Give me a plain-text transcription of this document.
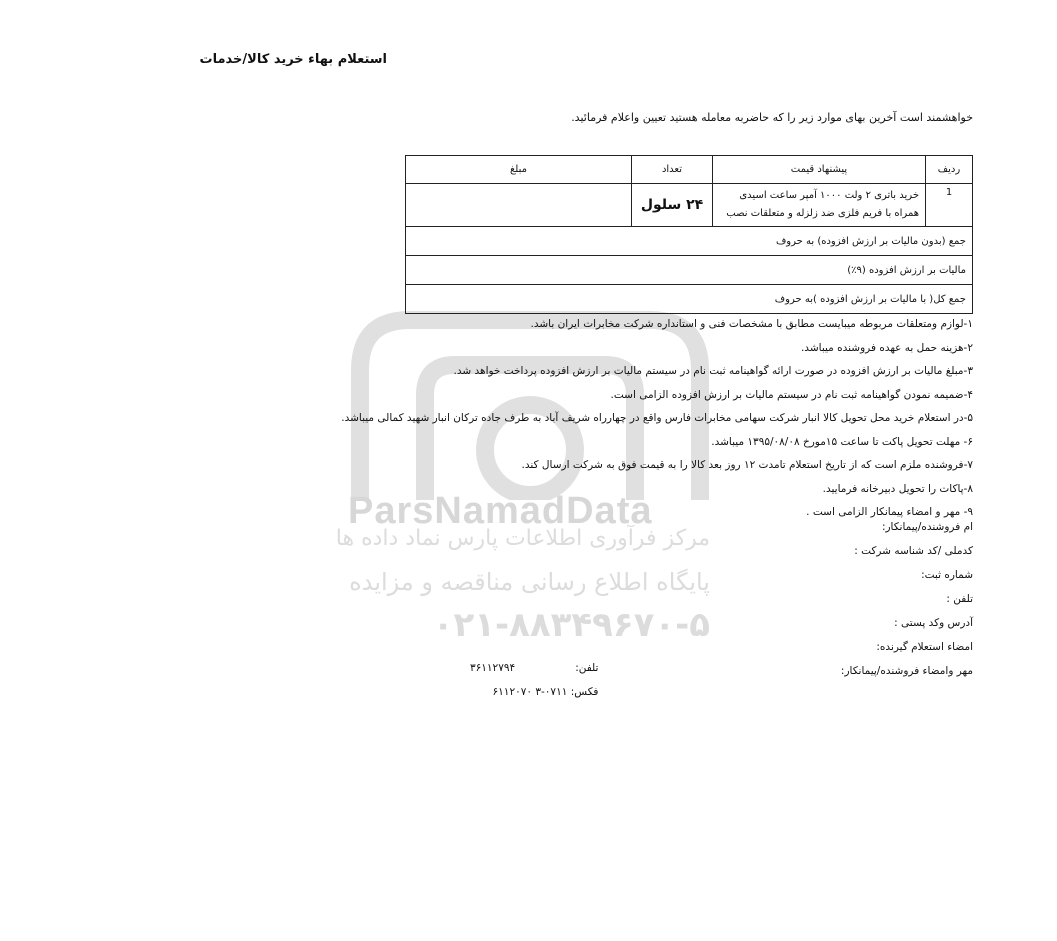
ParsNamadData
مرکز فرآوری اطلاعات پارس نماد داده ها
پایگاه اطلاع رسانی مناقصه و مزایده
۰۲۱-۸۸۳۴۹۶۷۰-۵
استعلام بهاء خرید کالا/خدمات
خواهشمند است آخرین بهای موارد زیر را که حاضربه معامله هستید تعیین واعلام فرمائید.
ردیف	پیشنهاد قیمت	تعداد	مبلغ
1	خرید باتری ۲ ولت ۱۰۰۰ آمپر ساعت اسیدی
همراه با فریم فلزی ضد زلزله و متعلقات نصب	۲۴ سلول	
جمع (بدون مالیات بر ارزش افزوده) به حروف			
مالیات بر ارزش افزوده (۹٪)			
جمع کل( با مالیات بر ارزش افزوده )به حروف			
۱-لوازم ومتعلقات مربوطه میبایست مطابق با مشخصات فنی و استانداره شرکت مخابرات ایران باشد.
۲-هزینه حمل به عهده فروشنده میباشد.
۳-مبلغ مالیات بر ارزش افزوده در صورت ارائه گواهینامه ثبت نام در سیستم مالیات بر ارزش افزوده پرداخت خواهد شد.
۴-ضمیمه نمودن گواهینامه ثبت نام در سیستم مالیات بر ارزش افزوده الزامی است.
۵-در استعلام خرید محل تحویل کالا انبار شرکت سهامی مخابرات فارس واقع در چهارراه شریف آباد به طرف جاده ترکان انبار شهید کمالی میباشد.
۶- مهلت تحویل پاکت تا ساعت ۱۵مورخ ۱۳۹۵/۰۸/۰۸ میباشد.
۷-فروشنده ملزم است که از تاریخ استعلام تامدت ۱۲ روز بعد کالا را به قیمت فوق به شرکت ارسال کند.
۸-پاکات را تحویل دبیرخانه فرمایید.
۹- مهر و امضاء پیمانکار الزامی است .
ام فروشنده/پیمانکار:
کدملی /کد شناسه شرکت :
شماره ثبت:
تلفن :
آدرس وکد پستی :
امضاء استعلام گیرنده:
مهر وامضاء فروشنده/پیمانکار:
تلفن:                  ۳۶۱۱۲۷۹۴
فکس: ۰۷۱۱-۳ ۶۱۱۲۰۷۰
